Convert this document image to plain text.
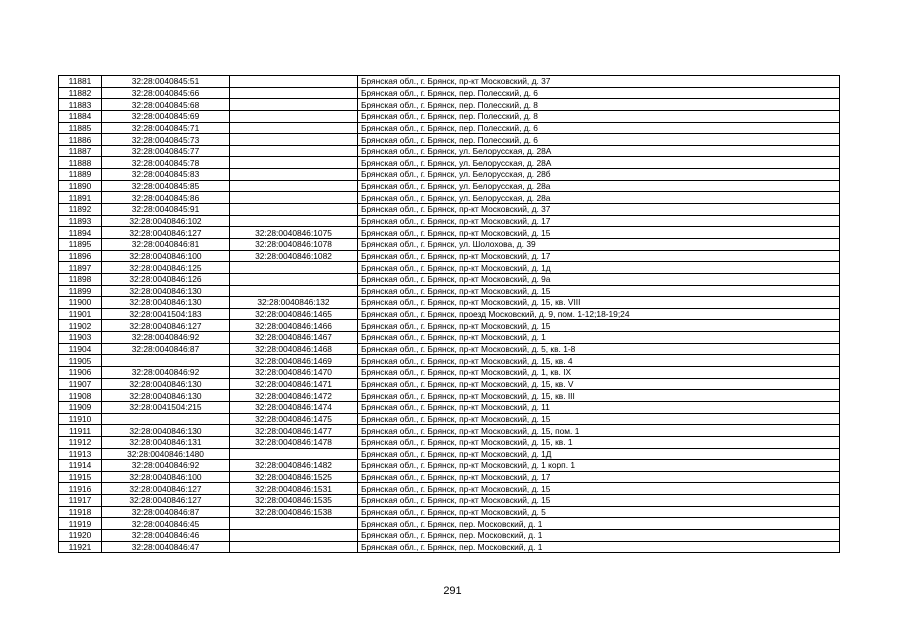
11881	32:28:0040845:51		Брянская обл., г. Брянск, пр-кт Московский, д. 37
11882	32:28:0040845:66		Брянская обл., г. Брянск, пер. Полесский, д. 6
11883	32:28:0040845:68		Брянская обл., г. Брянск, пер. Полесский, д. 8
11884	32:28:0040845:69		Брянская обл., г. Брянск, пер. Полесский, д. 8
11885	32:28:0040845:71		Брянская обл., г. Брянск, пер. Полесский, д. 6
11886	32:28:0040845:73		Брянская обл., г. Брянск, пер. Полесский, д. 6
11887	32:28:0040845:77		Брянская обл., г. Брянск, ул. Белорусская, д. 28А
11888	32:28:0040845:78		Брянская обл., г. Брянск, ул. Белорусская, д. 28А
11889	32:28:0040845:83		Брянская обл., г. Брянск, ул. Белорусская, д. 28б
11890	32:28:0040845:85		Брянская обл., г. Брянск, ул. Белорусская, д. 28а
11891	32:28:0040845:86		Брянская обл., г. Брянск, ул. Белорусская, д. 28а
11892	32:28:0040845:91		Брянская обл., г. Брянск, пр-кт Московский, д. 37
11893	32:28:0040846:102		Брянская обл., г. Брянск, пр-кт Московский, д. 17
11894	32:28:0040846:127	32:28:0040846:1075	Брянская обл., г. Брянск, пр-кт Московский, д. 15
11895	32:28:0040846:81	32:28:0040846:1078	Брянская обл., г. Брянск, ул. Шолохова, д. 39
11896	32:28:0040846:100	32:28:0040846:1082	Брянская обл., г. Брянск, пр-кт Московский, д. 17
11897	32:28:0040846:125		Брянская обл., г. Брянск, пр-кт Московский, д. 1д
11898	32:28:0040846:126		Брянская обл., г. Брянск, пр-кт Московский, д. 9а
11899	32:28:0040846:130		Брянская обл., г. Брянск, пр-кт Московский, д. 15
11900	32:28:0040846:130	32:28:0040846:132	Брянская обл., г. Брянск, пр-кт Московский, д. 15, кв. VIII
11901	32:28:0041504:183	32:28:0040846:1465	Брянская обл., г. Брянск, проезд Московский, д. 9, пом. 1-12;18-19;24
11902	32:28:0040846:127	32:28:0040846:1466	Брянская обл., г. Брянск, пр-кт Московский, д. 15
11903	32:28:0040846:92	32:28:0040846:1467	Брянская обл., г. Брянск, пр-кт Московский, д. 1
11904	32:28:0040846:87	32:28:0040846:1468	Брянская обл., г. Брянск, пр-кт Московский, д. 5, кв. 1-8
11905		32:28:0040846:1469	Брянская обл., г. Брянск, пр-кт Московский, д. 15, кв. 4
11906	32:28:0040846:92	32:28:0040846:1470	Брянская обл., г. Брянск, пр-кт Московский, д. 1, кв. IX
11907	32:28:0040846:130	32:28:0040846:1471	Брянская обл., г. Брянск, пр-кт Московский, д. 15, кв. V
11908	32:28:0040846:130	32:28:0040846:1472	Брянская обл., г. Брянск, пр-кт Московский, д. 15, кв. III
11909	32:28:0041504:215	32:28:0040846:1474	Брянская обл., г. Брянск, пр-кт Московский, д. 11
11910		32:28:0040846:1475	Брянская обл., г. Брянск, пр-кт Московский, д. 15
11911	32:28:0040846:130	32:28:0040846:1477	Брянская обл., г. Брянск, пр-кт Московский, д. 15, пом. 1
11912	32:28:0040846:131	32:28:0040846:1478	Брянская обл., г. Брянск, пр-кт Московский, д. 15, кв. 1
11913	32:28:0040846:1480		Брянская обл., г. Брянск, пр-кт Московский, д. 1Д
11914	32:28:0040846:92	32:28:0040846:1482	Брянская обл., г. Брянск, пр-кт Московский, д. 1 корп. 1
11915	32:28:0040846:100	32:28:0040846:1525	Брянская обл., г. Брянск, пр-кт Московский, д. 17
11916	32:28:0040846:127	32:28:0040846:1531	Брянская обл., г. Брянск, пр-кт Московский, д. 15
11917	32:28:0040846:127	32:28:0040846:1535	Брянская обл., г. Брянск, пр-кт Московский, д. 15
11918	32:28:0040846:87	32:28:0040846:1538	Брянская обл., г. Брянск, пр-кт Московский, д. 5
11919	32:28:0040846:45		Брянская обл., г. Брянск, пер. Московский, д. 1
11920	32:28:0040846:46		Брянская обл., г. Брянск, пер. Московский, д. 1
11921	32:28:0040846:47		Брянская обл., г. Брянск, пер. Московский, д. 1
291
